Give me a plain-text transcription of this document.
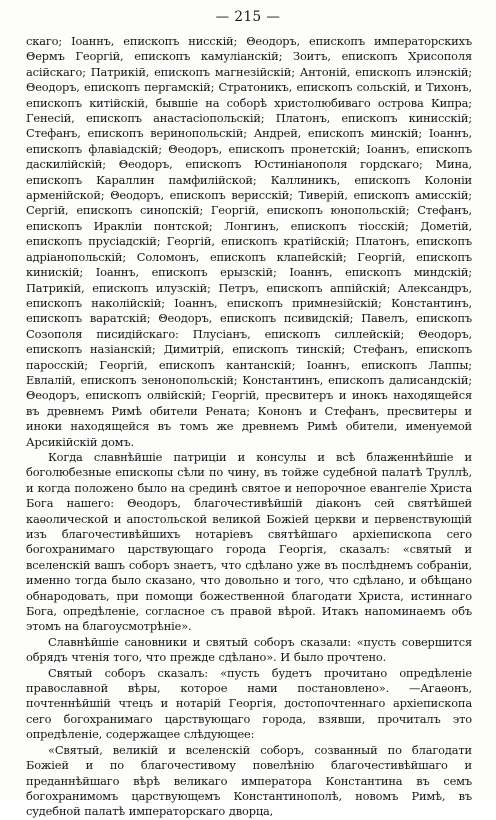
— 215 —

скаго; Іоаннъ, епископъ нисскій; Θеодоръ, епископъ императорскихъ Θермъ Георгій, епископъ камуліанскій; Зоитъ, епископъ Хрисополя асійскаго; Патрикій, епископъ магнезійскій; Антоній, епископъ илэнскій; Θеодоръ, епископъ пергамскій; Стратоникъ, епископъ сольскій, и Тихонъ, епископъ китійскій, бывшіе на соборѣ христолюбиваго острова Кипра; Генесій, епископъ анастасіопольскій; Платонъ, епископъ кинисскій; Стефанъ, епископъ веринопольскій; Андрей, епископъ минскій; Іоаннъ, епископъ флавіадскій; Θеодоръ, епископъ пронетскій; Іоаннъ, епископъ даскилійскій; Θеодоръ, епископъ Юстиніанополя гордскаго; Мина, епископъ Караллин памфилійской; Каллиникъ, епископъ Колоніи арменійской; Θеодоръ, епископъ верисскій; Тиверій, епископъ амисскій; Сергій, епископъ синопскій; Георгій, епископъ юнопольскій; Стефанъ, епископъ Иракліи понтской; Лонгинъ, епископъ тіосскій; Дометій, епископъ прусіадскій; Георгій, епископъ кратійскій; Платонъ, епископъ адріанопольскій; Соломонъ, епископъ клапейскій; Георгій, епископъ кинискій; Іоаннъ, епископъ ерызскій; Іоаннъ, епископъ миндскій; Патрикій, епископъ илузскій; Петръ, епископъ аппійскій; Александръ, епископъ наколійскій; Іоаннъ, епископъ примнезійскій; Константинъ, епископъ варатскій; Θеодоръ, епископъ псивидскій; Павелъ, епископъ Созополя писидійскаго: Плусіанъ, епископъ силлейскій; Θеодоръ, епископъ назіанскій; Димитрій, епископъ тинскій; Стефанъ, епископъ паросскій; Георгій, епископъ кантанскій; Іоаннъ, епископъ Лаппы; Евлалій, епископъ зенонопольскій; Константинъ, епископъ далисандскій; Θеодоръ, епископъ олвійскій; Георгій, пресвитеръ и инокъ находящейся въ древнемъ Римѣ обители Рената; Кононъ и Стефанъ, пресвитеры и иноки находящейся въ томъ же древнемъ Римѣ обители, именуемой Арсикійскій домъ.

Когда славнѣйшіе патриціи и консулы и всѣ блаженнѣйшіе и боголюбезные епископы сѣли по чину, въ тойже судебной палатѣ Труллѣ, и когда положено было на срединѣ святое и непорочное евангеліе Христа Бога нашего: Θеодоръ, благочестивѣйшій діаконъ сей святѣйшей каѳолической и апостольской великой Божіей церкви и первенствующій изъ благочестивѣйшихъ нотаріевъ святѣйшаго архіепископа сего богохранимаго царствующаго города Георгія, сказалъ: «святый и вселенскій вашъ соборъ знаетъ, что сдѣлано уже въ послѣднемъ собраніи, именно тогда было сказано, что довольно и того, что сдѣлано, и обѣщано обнародовать, при помощи божественной благодати Христа, истиннаго Бога, опредѣленіе, согласное съ правой вѣрой. Итакъ напоминаемъ объ этомъ на благоусмотрѣніе».

Славнѣйшіе сановники и святый соборъ сказали: «пусть совершится обрядъ чтенія того, что прежде сдѣлано». И было прочтено.

Святый соборъ сказалъ: «пусть будетъ прочитано опредѣленіе православной вѣры, которое нами постановлено». —Агаѳонъ, почтеннѣйшій чтецъ и нотарій Георгія, достопочтеннаго архіепископа сего богохранимаго царствующаго города, взявши, прочиталъ это опредѣленіе, содержащее слѣдующее:

«Святый, великій и вселенскій соборъ, созванный по благодати Божіей и по благочестивому повелѣнію благочестивѣйшаго и преданнѣйшаго вѣрѣ великаго императора Константина въ семъ богохранимомъ царствующемъ Константинополѣ, новомъ Римѣ, въ судебной палатѣ императорскаго дворца,
